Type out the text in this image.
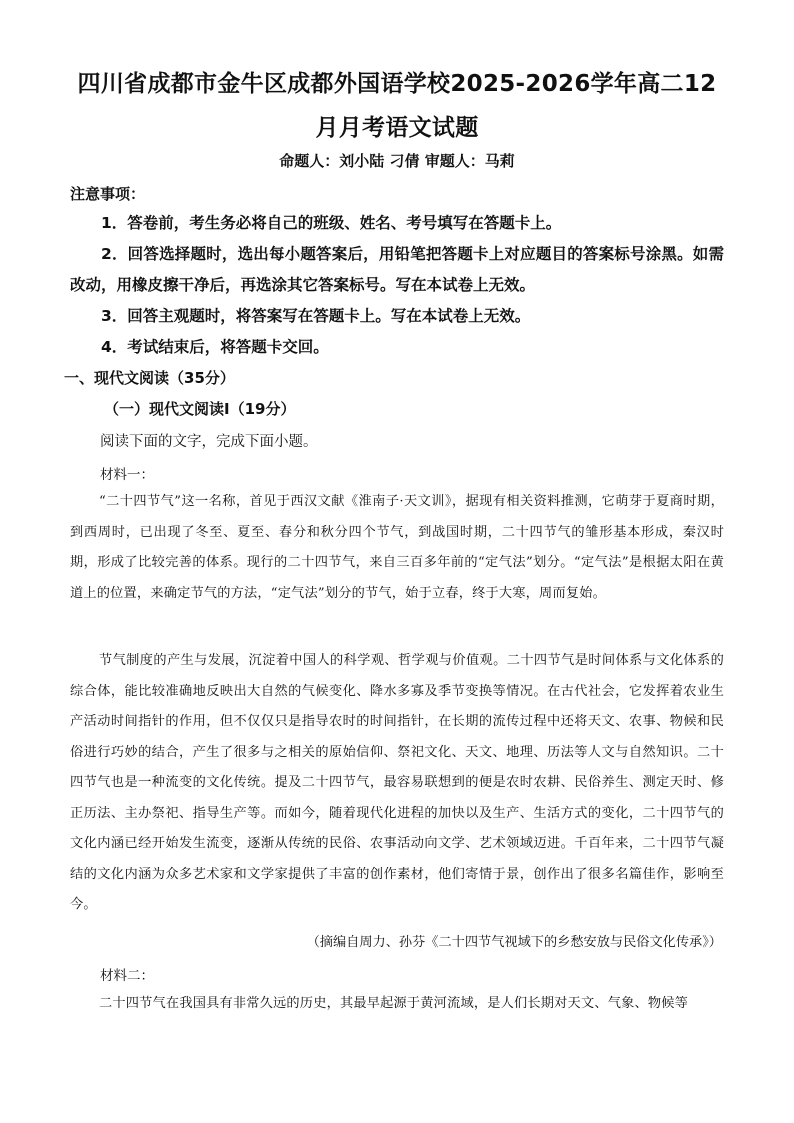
四川省成都市金牛区成都外国语学校2025-2026学年高二12月月考语文试题
命题人：刘小陆 刁倩 审题人：马莉
注意事项：

1．答卷前，考生务必将自己的班级、姓名、考号填写在答题卡上。

2．回答选择题时，选出每小题答案后，用铅笔把答题卡上对应题目的答案标号涂黑。如需改动，用橡皮擦干净后，再选涂其它答案标号。写在本试卷上无效。

3．回答主观题时，将答案写在答题卡上。写在本试卷上无效。

4．考试结束后，将答题卡交回。

一、现代文阅读（35分）
（一）现代文阅读Ⅰ（19分）
阅读下面的文字，完成下面小题。
材料一：

“二十四节气”这一名称，首见于西汉文献《淮南子·天文训》，据现有相关资料推测，它萌芽于夏商时期，到西周时，已出现了冬至、夏至、春分和秋分四个节气，到战国时期，二十四节气的雏形基本形成，秦汉时期，形成了比较完善的体系。现行的二十四节气，来自三百多年前的“定气法”划分。“定气法”是根据太阳在黄道上的位置，来确定节气的方法，“定气法”划分的节气，始于立春，终于大寒，周而复始。

节气制度的产生与发展，沉淀着中国人的科学观、哲学观与价值观。二十四节气是时间体系与文化体系的综合体，能比较准确地反映出大自然的气候变化、降水多寡及季节变换等情况。在古代社会，它发挥着农业生产活动时间指针的作用，但不仅仅只是指导农时的时间指针，在长期的流传过程中还将天文、农事、物候和民俗进行巧妙的结合，产生了很多与之相关的原始信仰、祭祀文化、天文、地理、历法等人文与自然知识。二十四节气也是一种流变的文化传统。提及二十四节气，最容易联想到的便是农时农耕、民俗养生、测定天时、修正历法、主办祭祀、指导生产等。而如今，随着现代化进程的加快以及生产、生活方式的变化，二十四节气的文化内涵已经开始发生流变，逐渐从传统的民俗、农事活动向文学、艺术领域迈进。千百年来，二十四节气凝结的文化内涵为众多艺术家和文学家提供了丰富的创作素材，他们寄情于景，创作出了很多名篇佳作，影响至今。

（摘编自周力、孙芬《二十四节气视域下的乡愁安放与民俗文化传承》）
材料二：

二十四节气在我国具有非常久远的历史，其最早起源于黄河流域，是人们长期对天文、气象、物候等
